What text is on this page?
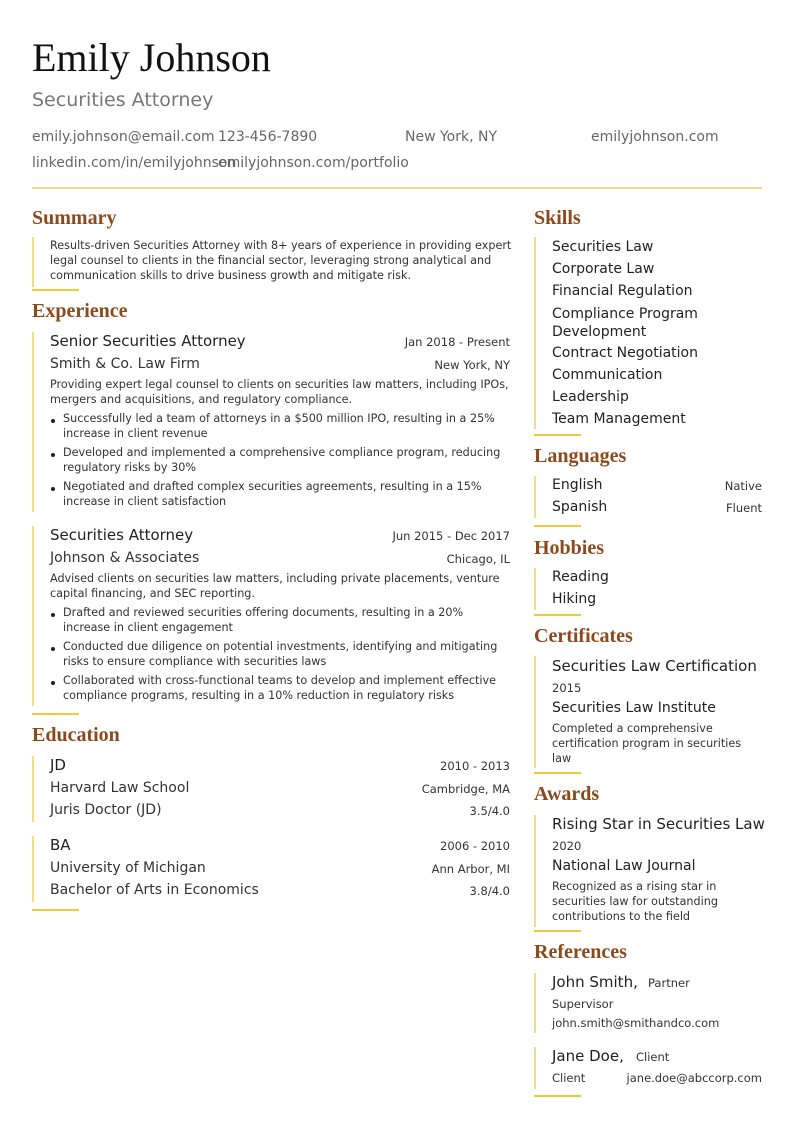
Emily Johnson
Securities Attorney
emily.johnson@email.com 123-456-7890	New York, NY	emilyjohnson.com
linkedin.com/in/emilyjohnson
emilyjohnson.com/portfolio
Summary
Results-driven Securities Attorney with 8+ years of experience in providing expert legal counsel to clients in the financial sector, leveraging strong analytical and communication skills to drive business growth and mitigate risk.
Experience
Senior Securities Attorney	Jan 2018 - Present
Smith & Co. Law Firm	New York, NY
Providing expert legal counsel to clients on securities law matters, including IPOs, mergers and acquisitions, and regulatory compliance.
Successfully led a team of attorneys in a $500 million IPO, resulting in a 25% increase in client revenue
Developed and implemented a comprehensive compliance program, reducing regulatory risks by 30%
Negotiated and drafted complex securities agreements, resulting in a 15% increase in client satisfaction
Securities Attorney	Jun 2015 - Dec 2017
Johnson & Associates	Chicago, IL
Advised clients on securities law matters, including private placements, venture capital financing, and SEC reporting.
Drafted and reviewed securities offering documents, resulting in a 20% increase in client engagement
Conducted due diligence on potential investments, identifying and mitigating risks to ensure compliance with securities laws
Collaborated with cross-functional teams to develop and implement effective compliance programs, resulting in a 10% reduction in regulatory risks
Education
JD	2010 - 2013
Harvard Law School	Cambridge, MA
Juris Doctor (JD)	3.5/4.0
BA	2006 - 2010
University of Michigan	Ann Arbor, MI
Bachelor of Arts in Economics	3.8/4.0
Skills
Securities Law
Corporate Law
Financial Regulation
Compliance Program Development
Contract Negotiation
Communication
Leadership
Team Management
Languages
English	Native
Spanish	Fluent
Hobbies
Reading
Hiking
Certificates
Securities Law Certification
2015
Securities Law Institute
Completed a comprehensive certification program in securities law
Awards
Rising Star in Securities Law
2020
National Law Journal
Recognized as a rising star in securities law for outstanding contributions to the field
References
John Smith, Partner
Supervisor
john.smith@smithandco.com
Jane Doe, Client
Client	jane.doe@abccorp.com
